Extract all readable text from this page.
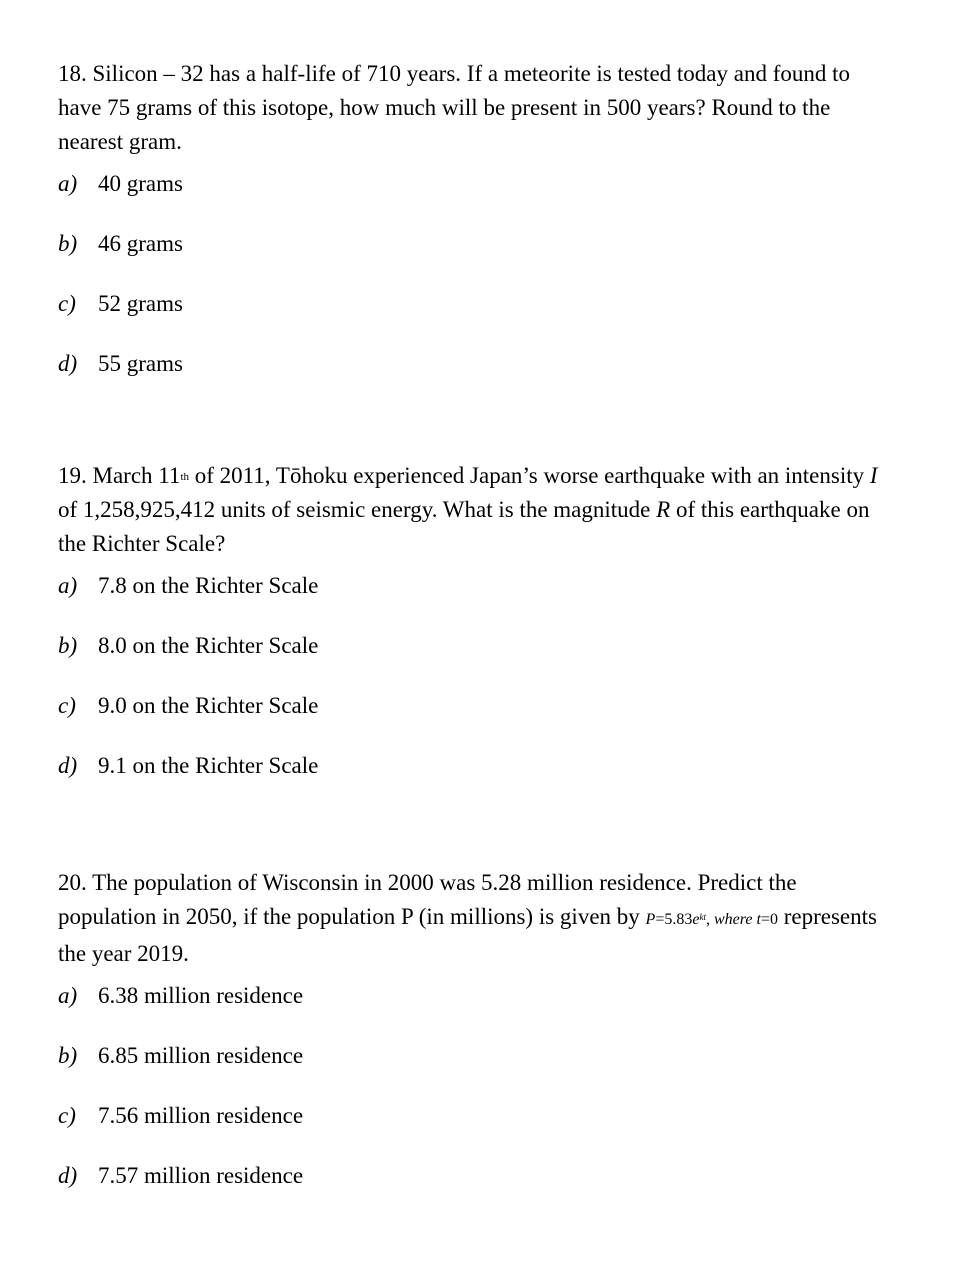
18. Silicon – 32 has a half-life of 710 years. If a meteorite is tested today and found to have 75 grams of this isotope, how much will be present in 500 years? Round to the nearest gram.

a) 40 grams
b) 46 grams
c) 52 grams
d) 55 grams

19. March 11th of 2011, Tōhoku experienced Japan’s worse earthquake with an intensity I of 1,258,925,412 units of seismic energy. What is the magnitude R of this earthquake on the Richter Scale?

a) 7.8 on the Richter Scale
b) 8.0 on the Richter Scale
c) 9.0 on the Richter Scale
d) 9.1 on the Richter Scale

20. The population of Wisconsin in 2000 was 5.28 million residence. Predict the population in 2050, if the population P (in millions) is given by $P=5.83e^{kt}$, where t=0 represents the year 2019.

a) 6.38 million residence
b) 6.85 million residence
c) 7.56 million residence
d) 7.57 million residence
